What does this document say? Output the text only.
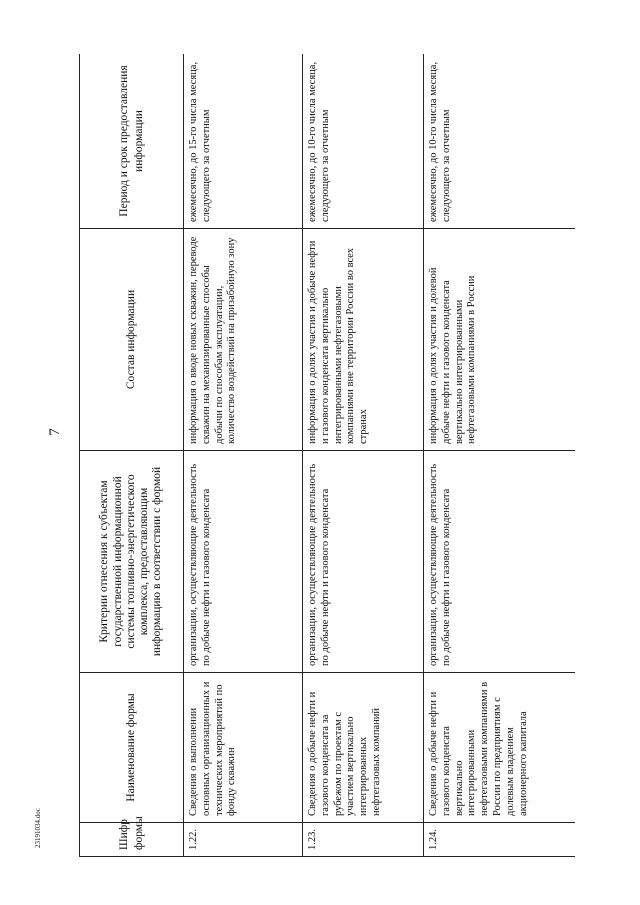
7
Шифр формы	Наименование формы	Критерии отнесения к субъектам государственной информационной системы топливно-энергетического комплекса, предоставляющим информацию в соответствии с формой	Состав информации	Период и срок предоставления информации
1.22.	Сведения о выполнении основных организационных и технических мероприятий по фонду скважин	организации, осуществляющие деятельность по добыче нефти и газового конденсата	информация о вводе новых скважин, переводе скважин на механизированные способы добычи по способам эксплуатации, количество воздействий на призабойную зону	ежемесячно, до 15-го числа месяца, следующего за отчетным
1.23.	Сведения о добыче нефти и газового конденсата за рубежом по проектам с участием вертикально интегрированных нефтегазовых компаний	организации, осуществляющие деятельность по добыче нефти и газового конденсата	информация о долях участия и добыче нефти и газового конденсата вертикально интегрированными нефтегазовыми компаниями вне территории России во всех странах	ежемесячно, до 10-го числа месяца, следующего за отчетным
1.24.	Сведения о добыче нефти и газового конденсата вертикально интегрированными нефтегазовыми компаниями в России по предприятиям с долевым владением акционерного капитала	организации, осуществляющие деятельность по добыче нефти и газового конденсата	информация о долях участия и долевой добыче нефти и газового конденсата вертикально интегрированными нефтегазовыми компаниями в России	ежемесячно, до 10-го числа месяца, следующего за отчетным
23191034.doc
